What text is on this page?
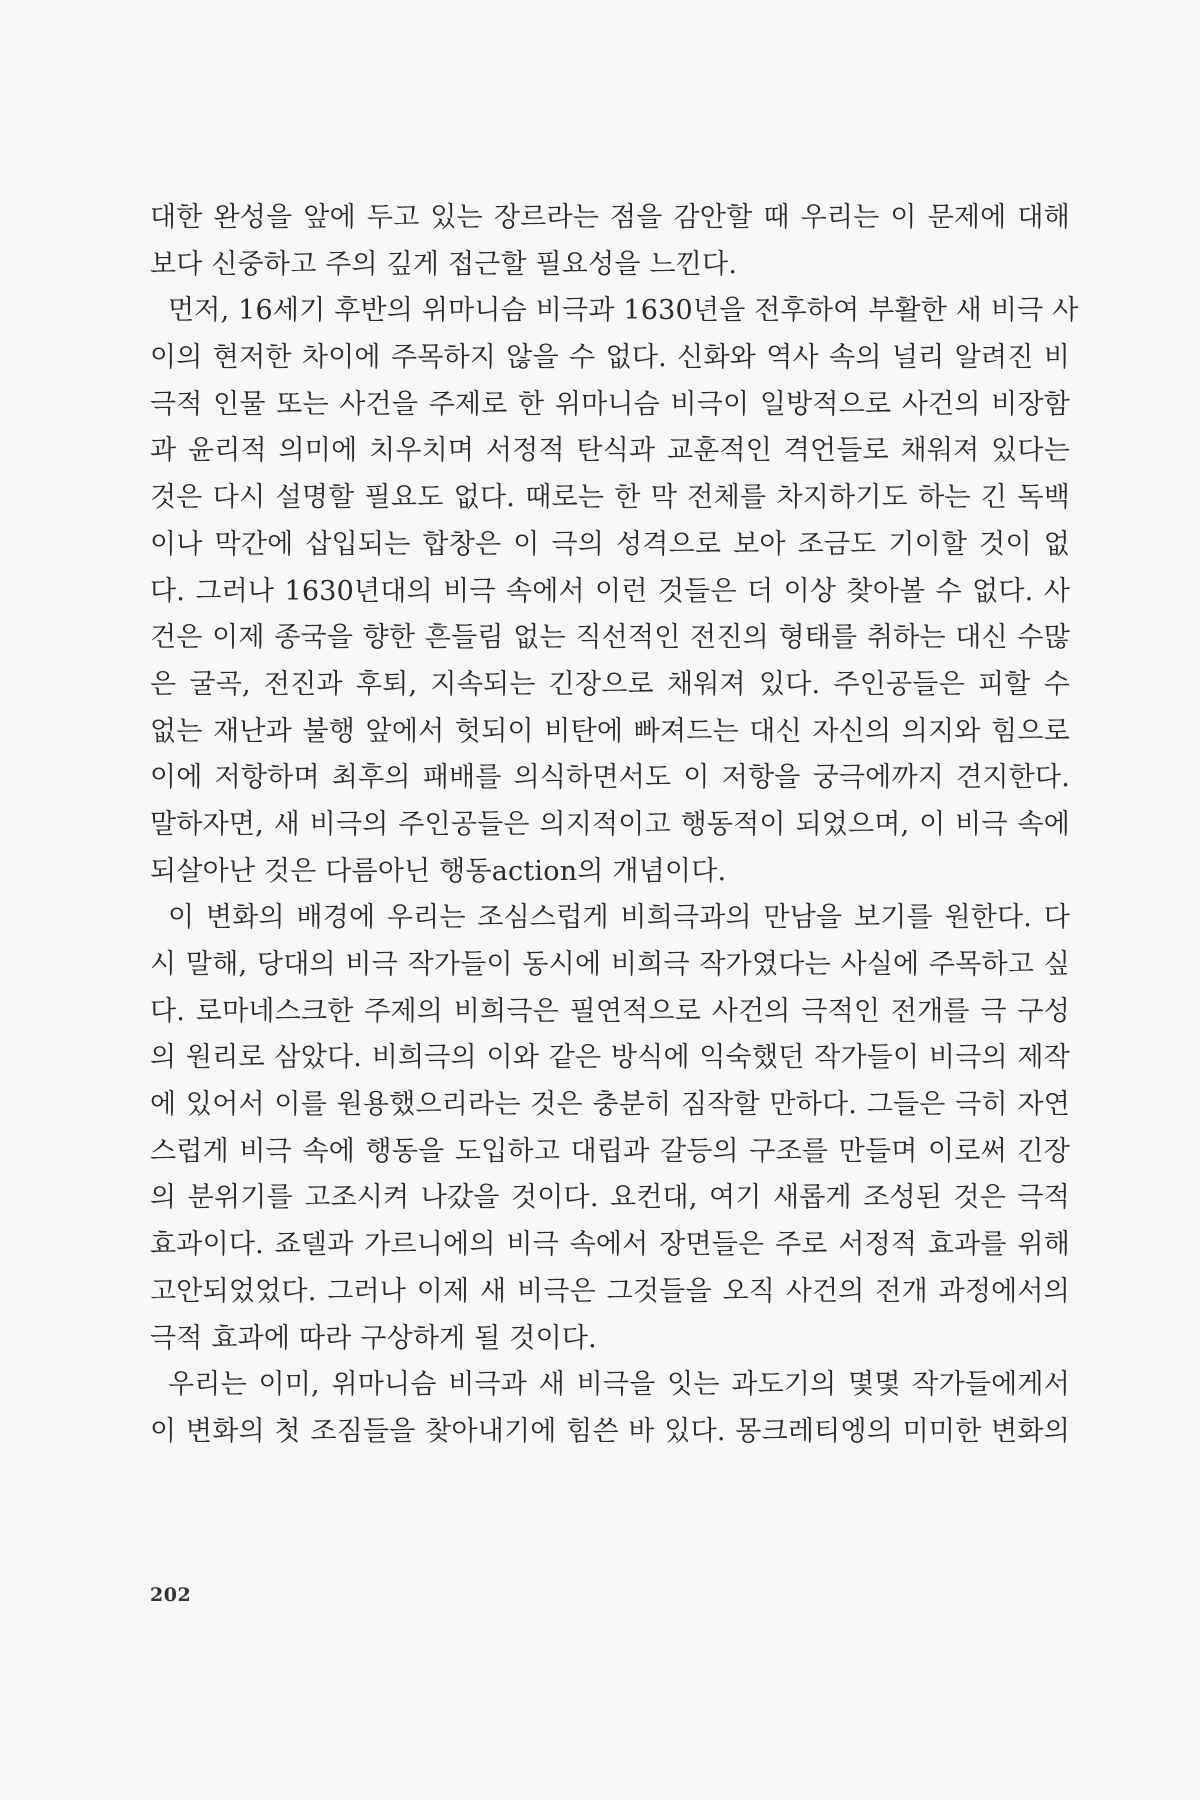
대한 완성을 앞에 두고 있는 장르라는 점을 감안할 때 우리는 이 문제에 대해
보다 신중하고 주의 깊게 접근할 필요성을 느낀다.
먼저, 16세기 후반의 위마니슴 비극과 1630년을 전후하여 부활한 새 비극 사
이의 현저한 차이에 주목하지 않을 수 없다. 신화와 역사 속의 널리 알려진 비
극적 인물 또는 사건을 주제로 한 위마니슴 비극이 일방적으로 사건의 비장함
과 윤리적 의미에 치우치며 서정적 탄식과 교훈적인 격언들로 채워져 있다는
것은 다시 설명할 필요도 없다. 때로는 한 막 전체를 차지하기도 하는 긴 독백
이나 막간에 삽입되는 합창은 이 극의 성격으로 보아 조금도 기이할 것이 없
다. 그러나 1630년대의 비극 속에서 이런 것들은 더 이상 찾아볼 수 없다. 사
건은 이제 종국을 향한 흔들림 없는 직선적인 전진의 형태를 취하는 대신 수많
은 굴곡, 전진과 후퇴, 지속되는 긴장으로 채워져 있다. 주인공들은 피할 수
없는 재난과 불행 앞에서 헛되이 비탄에 빠져드는 대신 자신의 의지와 힘으로
이에 저항하며 최후의 패배를 의식하면서도 이 저항을 궁극에까지 견지한다.
말하자면, 새 비극의 주인공들은 의지적이고 행동적이 되었으며, 이 비극 속에
되살아난 것은 다름아닌 행동action의 개념이다.
이 변화의 배경에 우리는 조심스럽게 비희극과의 만남을 보기를 원한다. 다
시 말해, 당대의 비극 작가들이 동시에 비희극 작가였다는 사실에 주목하고 싶
다. 로마네스크한 주제의 비희극은 필연적으로 사건의 극적인 전개를 극 구성
의 원리로 삼았다. 비희극의 이와 같은 방식에 익숙했던 작가들이 비극의 제작
에 있어서 이를 원용했으리라는 것은 충분히 짐작할 만하다. 그들은 극히 자연
스럽게 비극 속에 행동을 도입하고 대립과 갈등의 구조를 만들며 이로써 긴장
의 분위기를 고조시켜 나갔을 것이다. 요컨대, 여기 새롭게 조성된 것은 극적
효과이다. 죠델과 가르니에의 비극 속에서 장면들은 주로 서정적 효과를 위해
고안되었었다. 그러나 이제 새 비극은 그것들을 오직 사건의 전개 과정에서의
극적 효과에 따라 구상하게 될 것이다.
우리는 이미, 위마니슴 비극과 새 비극을 잇는 과도기의 몇몇 작가들에게서
이 변화의 첫 조짐들을 찾아내기에 힘쓴 바 있다. 몽크레티엥의 미미한 변화의
202
